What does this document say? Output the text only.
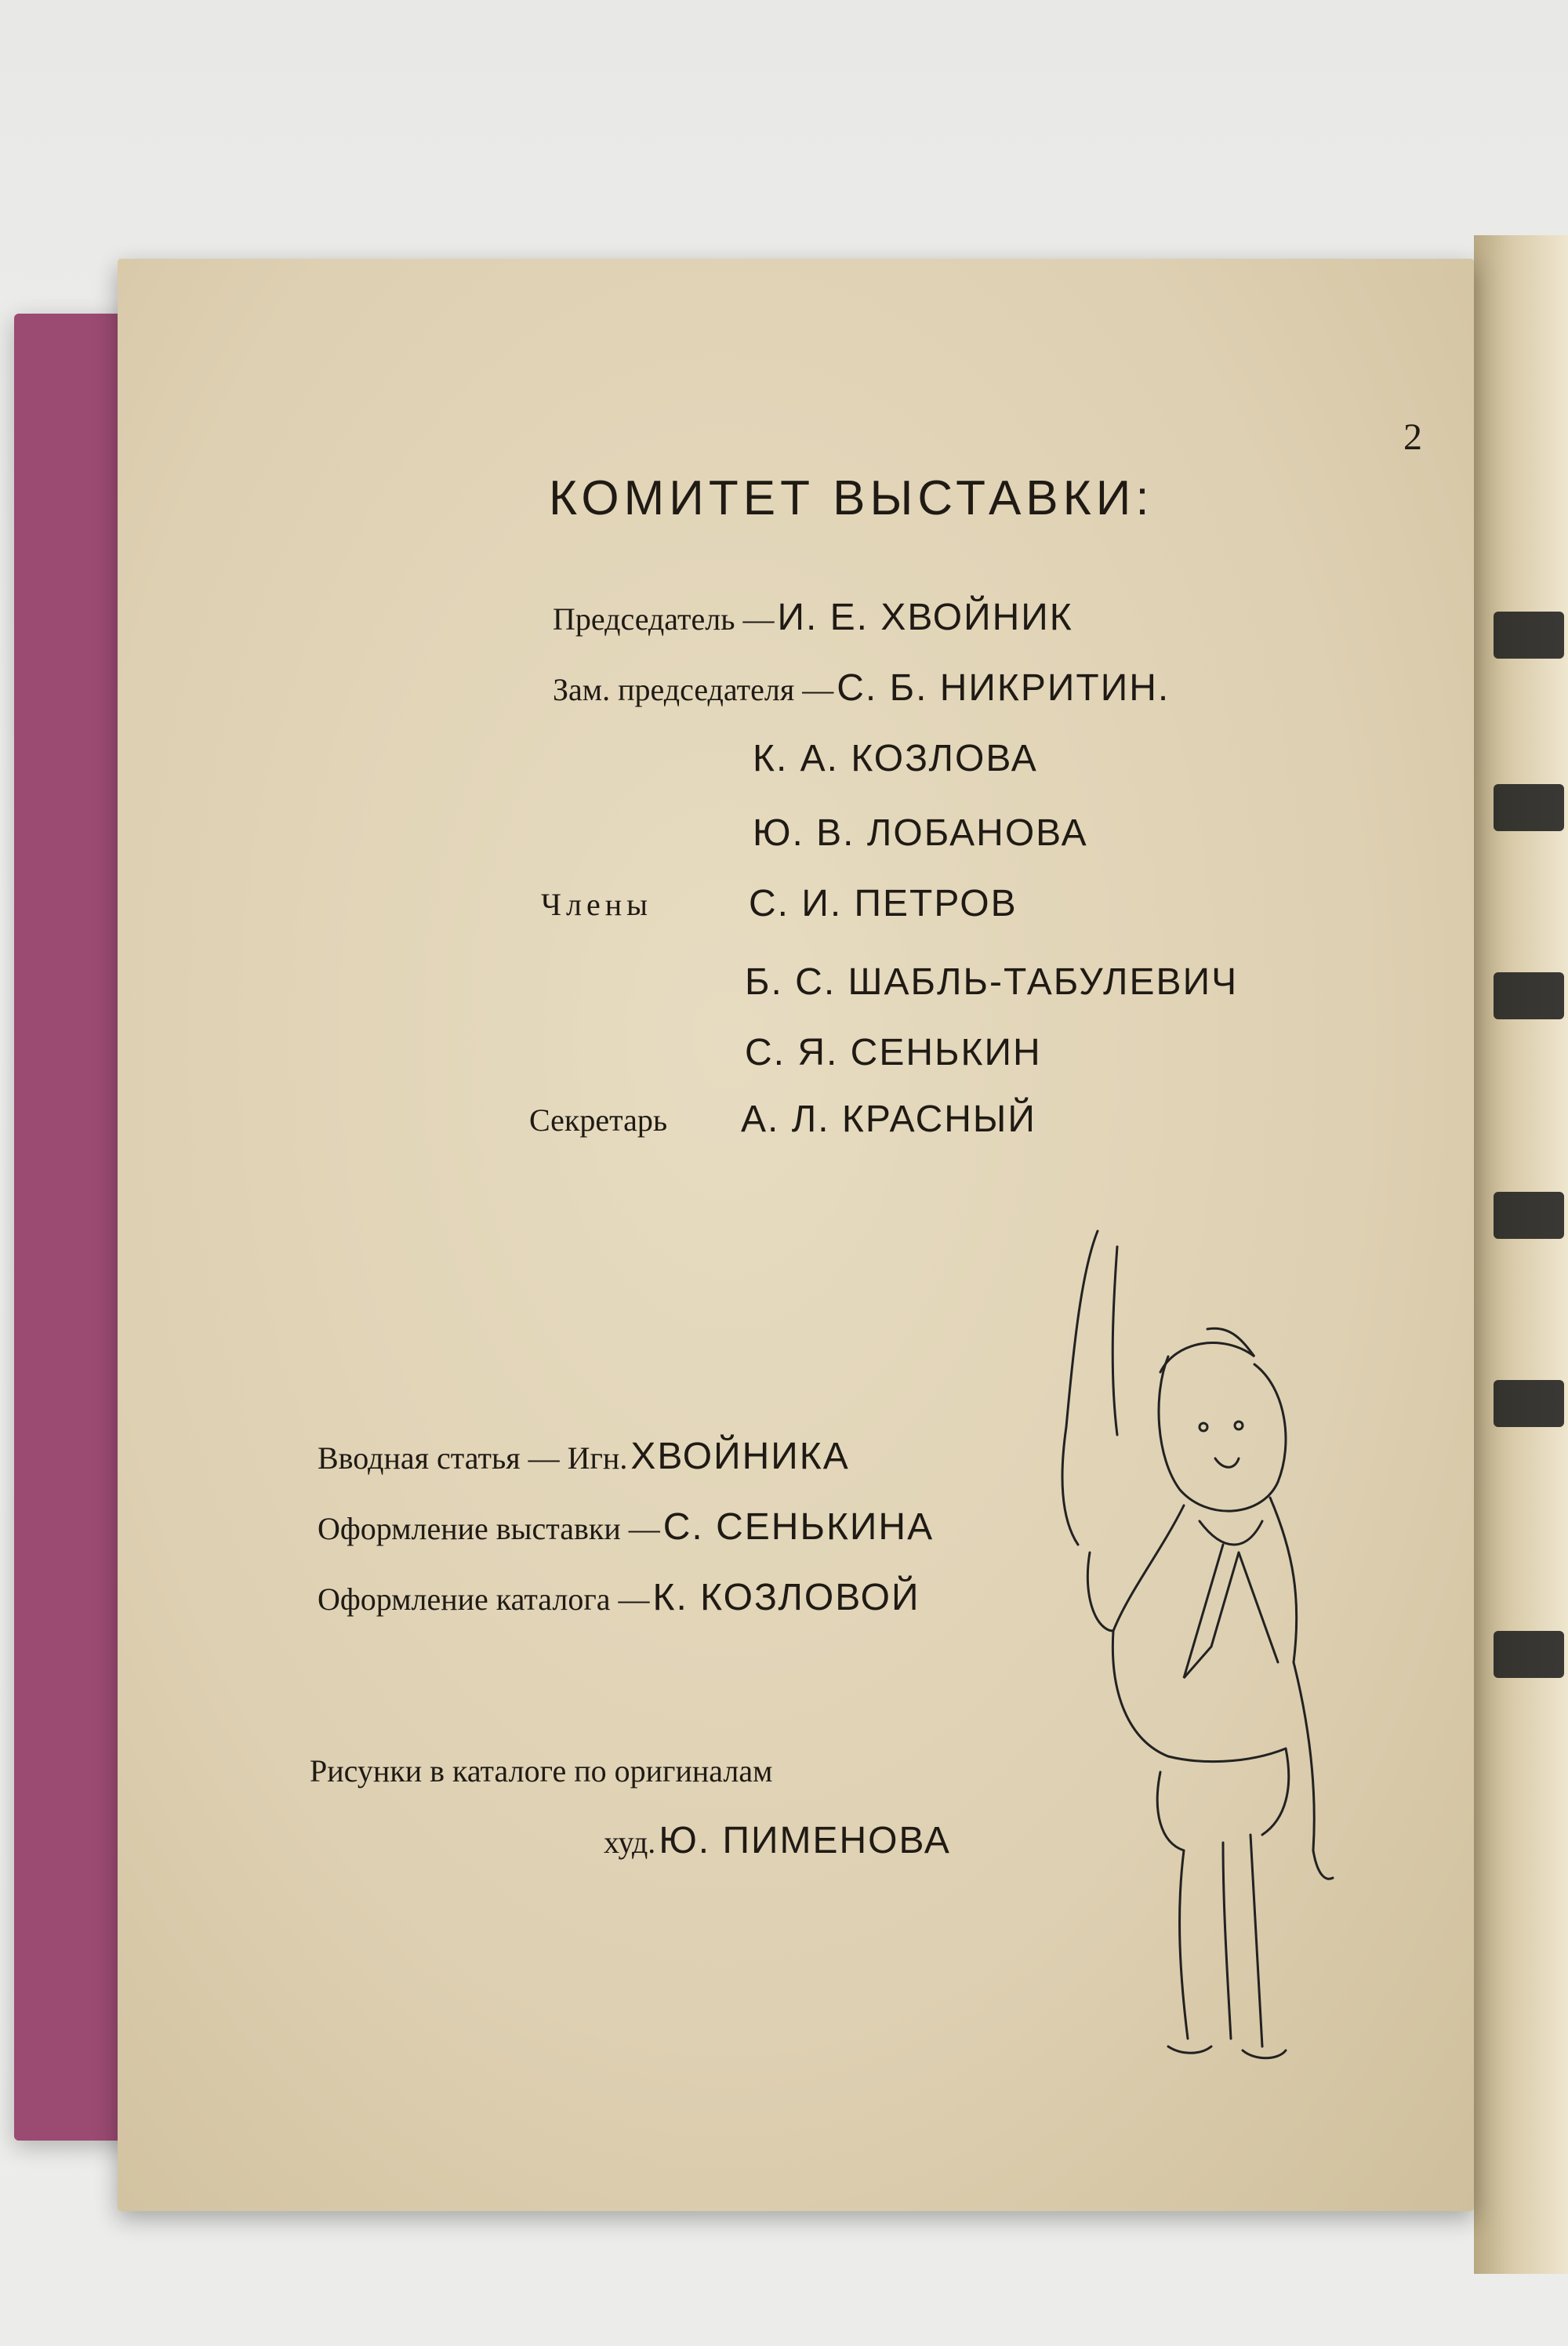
2
КОМИТЕТ ВЫСТАВКИ:
Председатель — И. Е. ХВОЙНИК
Зам. председателя — С. Б. НИКРИТИН.
К. А. КОЗЛОВА
Ю. В. ЛОБАНОВА
Члены	С. И. ПЕТРОВ
Б. С. ШАБЛЬ-ТАБУЛЕВИЧ
С. Я. СЕНЬКИН
Секретарь А. Л. КРАСНЫЙ
Вводная статья — Игн. ХВОЙНИКА
Оформление выставки — С. СЕНЬКИНА
Оформление каталога — К. КОЗЛОВОЙ
Рисунки в каталоге по оригиналам
худ. Ю. ПИМЕНОВА
